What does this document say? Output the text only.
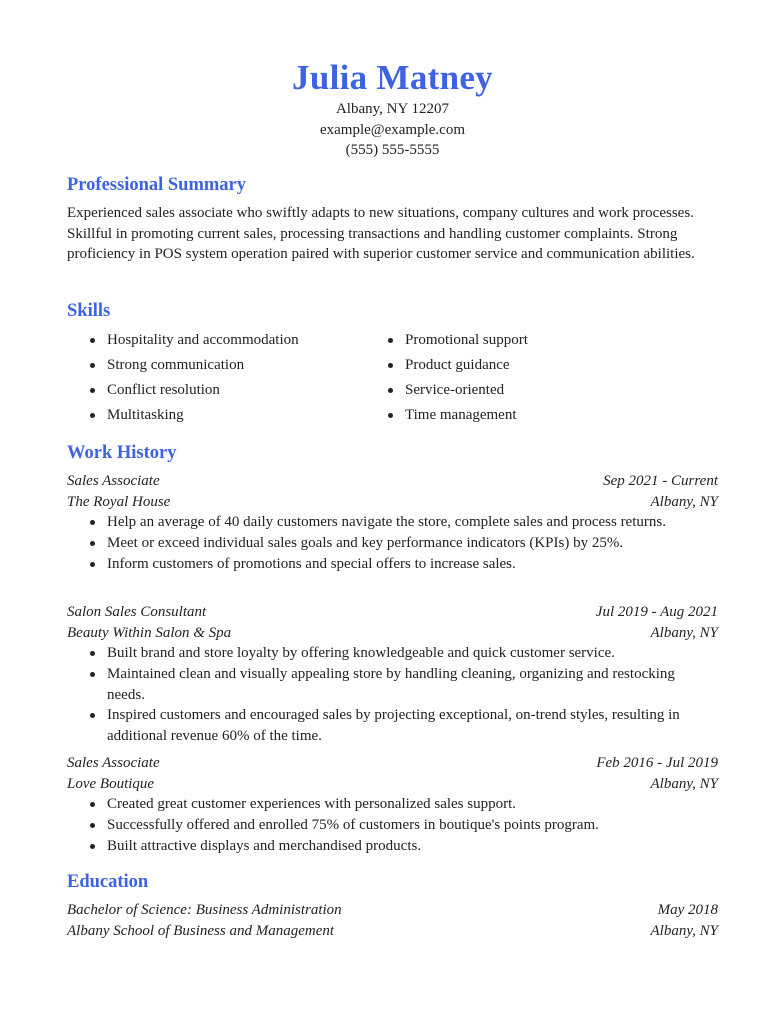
Julia Matney
Albany, NY 12207
example@example.com
(555) 555-5555
Professional Summary
Experienced sales associate who swiftly adapts to new situations, company cultures and work processes. Skillful in promoting current sales, processing transactions and handling customer complaints. Strong proficiency in POS system operation paired with superior customer service and communication abilities.
Skills
Hospitality and accommodation
Strong communication
Conflict resolution
Multitasking
Promotional support
Product guidance
Service-oriented
Time management
Work History
Sales Associate	Sep 2021 - Current
The Royal House	Albany, NY
Help an average of 40 daily customers navigate the store, complete sales and process returns.
Meet or exceed individual sales goals and key performance indicators (KPIs) by 25%.
Inform customers of promotions and special offers to increase sales.
Salon Sales Consultant	Jul 2019 - Aug 2021
Beauty Within Salon & Spa	Albany, NY
Built brand and store loyalty by offering knowledgeable and quick customer service.
Maintained clean and visually appealing store by handling cleaning, organizing and restocking needs.
Inspired customers and encouraged sales by projecting exceptional, on-trend styles, resulting in additional revenue 60% of the time.
Sales Associate	Feb 2016 - Jul 2019
Love Boutique	Albany, NY
Created great customer experiences with personalized sales support.
Successfully offered and enrolled 75% of customers in boutique's points program.
Built attractive displays and merchandised products.
Education
Bachelor of Science: Business Administration	May 2018
Albany School of Business and Management	Albany, NY
